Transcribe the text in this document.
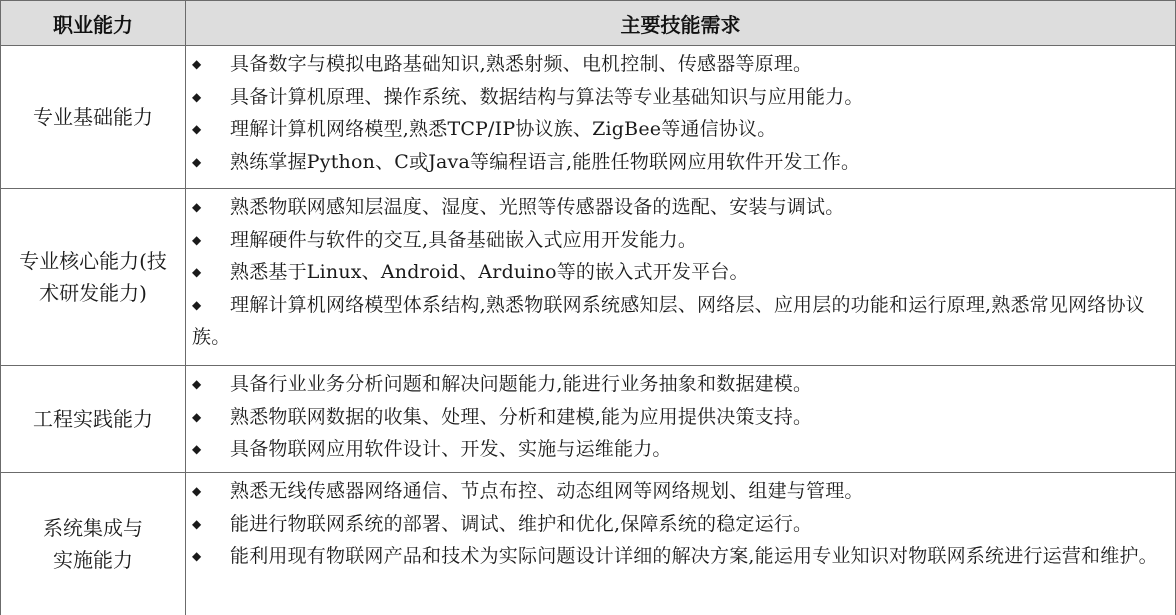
职业能力	主要技能需求
专业基础能力
◆ 具备数字与模拟电路基础知识,熟悉射频、电机控制、传感器等原理。
◆ 具备计算机原理、操作系统、数据结构与算法等专业基础知识与应用能力。
◆ 理解计算机网络模型,熟悉TCP/IP协议族、ZigBee等通信协议。
◆ 熟练掌握Python、C或Java等编程语言,能胜任物联网应用软件开发工作。
专业核心能力(技术研发能力)
◆ 熟悉物联网感知层温度、湿度、光照等传感器设备的选配、安装与调试。
◆ 理解硬件与软件的交互,具备基础嵌入式应用开发能力。
◆ 熟悉基于Linux、Android、Arduino等的嵌入式开发平台。
◆ 理解计算机网络模型体系结构,熟悉物联网系统感知层、网络层、应用层的功能和运行原理,熟悉常见网络协议族。
工程实践能力
◆ 具备行业业务分析问题和解决问题能力,能进行业务抽象和数据建模。
◆ 熟悉物联网数据的收集、处理、分析和建模,能为应用提供决策支持。
◆ 具备物联网应用软件设计、开发、实施与运维能力。
系统集成与实施能力
◆ 熟悉无线传感器网络通信、节点布控、动态组网等网络规划、组建与管理。
◆ 能进行物联网系统的部署、调试、维护和优化,保障系统的稳定运行。
◆ 能利用现有物联网产品和技术为实际问题设计详细的解决方案,能运用专业知识对物联网系统进行运营和维护。
